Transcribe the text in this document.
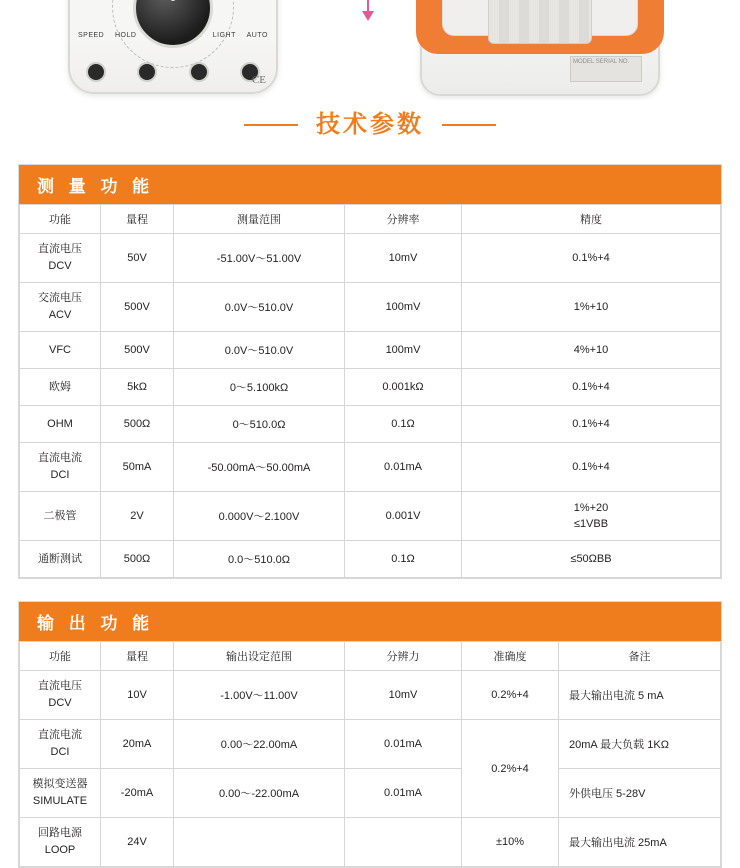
SPEED HOLD	LIGHT AUTO
CE
MODEL SERIAL NO.
技术参数
测 量 功 能
功能	量程	测量范围	分辨率	精度

直流电压
DCV	50V	-51.00V～51.00V	10mV	0.1%+4

交流电压
ACV	500V	0.0V～510.0V	100mV	1%+10

VFC	500V	0.0V～510.0V	100mV	4%+10

欧姆	5kΩ	0～5.100kΩ	0.001kΩ	0.1%+4

OHM	500Ω	0～510.0Ω	0.1Ω	0.1%+4

直流电流
DCI	50mA	-50.00mA～50.00mA	0.01mA	0.1%+4

二极管	2V	0.000V～2.100V	0.001V	1%+20
≤1VBB

通断测试	500Ω	0.0～510.0Ω	0.1Ω	≤50ΩBB
输 出 功 能
功能	量程	输出设定范围	分辨力	准确度	备注

直流电压
DCV	10V	-1.00V～11.00V	10mV	0.2%+4	最大输出电流 5 mA

直流电流
DCI	20mA	0.00～22.00mA	0.01mA	0.2%+4	20mA 最大负载 1KΩ

模拟变送器
SIMULATE	-20mA	0.00～-22.00mA	0.01mA		外供电压 5-28V

回路电源
LOOP	24V			±10%	最大输出电流 25mA
